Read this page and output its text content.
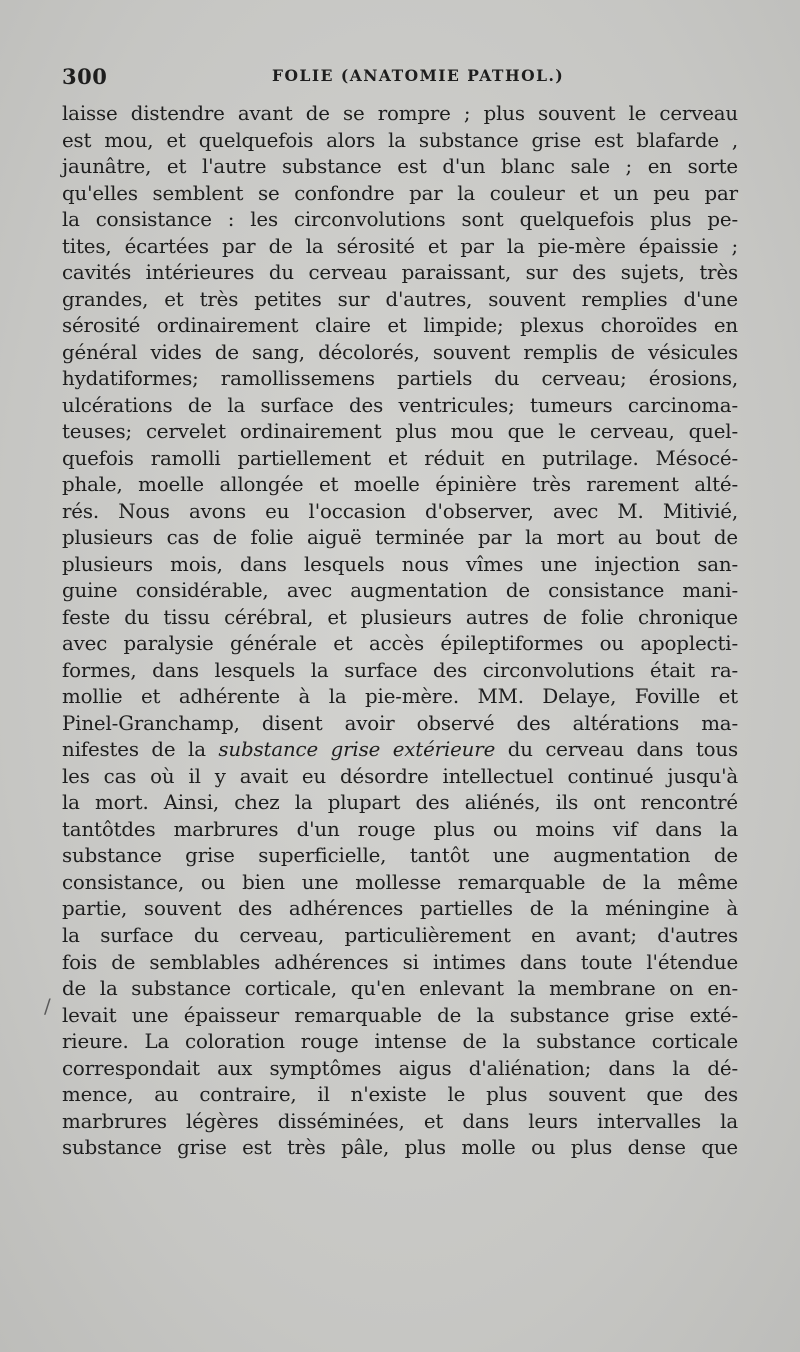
300	FOLIE (ANATOMIE PATHOL.)
laisse distendre avant de se rompre ; plus souvent le cerveau
est mou, et quelquefois alors la substance grise est blafarde ,
jaunâtre, et l'autre substance est d'un blanc sale ; en sorte
qu'elles semblent se confondre par la couleur et un peu par
la consistance : les circonvolutions sont quelquefois plus pe-
tites, écartées par de la sérosité et par la pie-mère épaissie ;
cavités intérieures du cerveau paraissant, sur des sujets, très
grandes, et très petites sur d'autres, souvent remplies d'une
sérosité ordinairement claire et limpide; plexus choroïdes en
général vides de sang, décolorés, souvent remplis de vésicules
hydatiformes; ramollissemens partiels du cerveau; érosions,
ulcérations de la surface des ventricules; tumeurs carcinoma-
teuses; cervelet ordinairement plus mou que le cerveau, quel-
quefois ramolli partiellement et réduit en putrilage. Mésocé-
phale, moelle allongée et moelle épinière très rarement alté-
rés. Nous avons eu l'occasion d'observer, avec M. Mitivié,
plusieurs cas de folie aiguë terminée par la mort au bout de
plusieurs mois, dans lesquels nous vîmes une injection san-
guine considérable, avec augmentation de consistance mani-
feste du tissu cérébral, et plusieurs autres de folie chronique
avec paralysie générale et accès épileptiformes ou apoplecti-
formes, dans lesquels la surface des circonvolutions était ra-
mollie et adhérente à la pie-mère. MM. Delaye, Foville et
Pinel-Granchamp, disent avoir observé des altérations ma-
nifestes de la substance grise extérieure du cerveau dans tous
les cas où il y avait eu désordre intellectuel continué jusqu'à
la mort. Ainsi, chez la plupart des aliénés, ils ont rencontré
tantôtdes marbrures d'un rouge plus ou moins vif dans la
substance grise superficielle, tantôt une augmentation de
consistance, ou bien une mollesse remarquable de la même
partie, souvent des adhérences partielles de la méningine à
la surface du cerveau, particulièrement en avant; d'autres
fois de semblables adhérences si intimes dans toute l'étendue
de la substance corticale, qu'en enlevant la membrane on en-
levait une épaisseur remarquable de la substance grise exté-
rieure. La coloration rouge intense de la substance corticale
correspondait aux symptômes aigus d'aliénation; dans la dé-
mence, au contraire, il n'existe le plus souvent que des
marbrures légères disséminées, et dans leurs intervalles la
substance grise est très pâle, plus molle ou plus dense que
/
